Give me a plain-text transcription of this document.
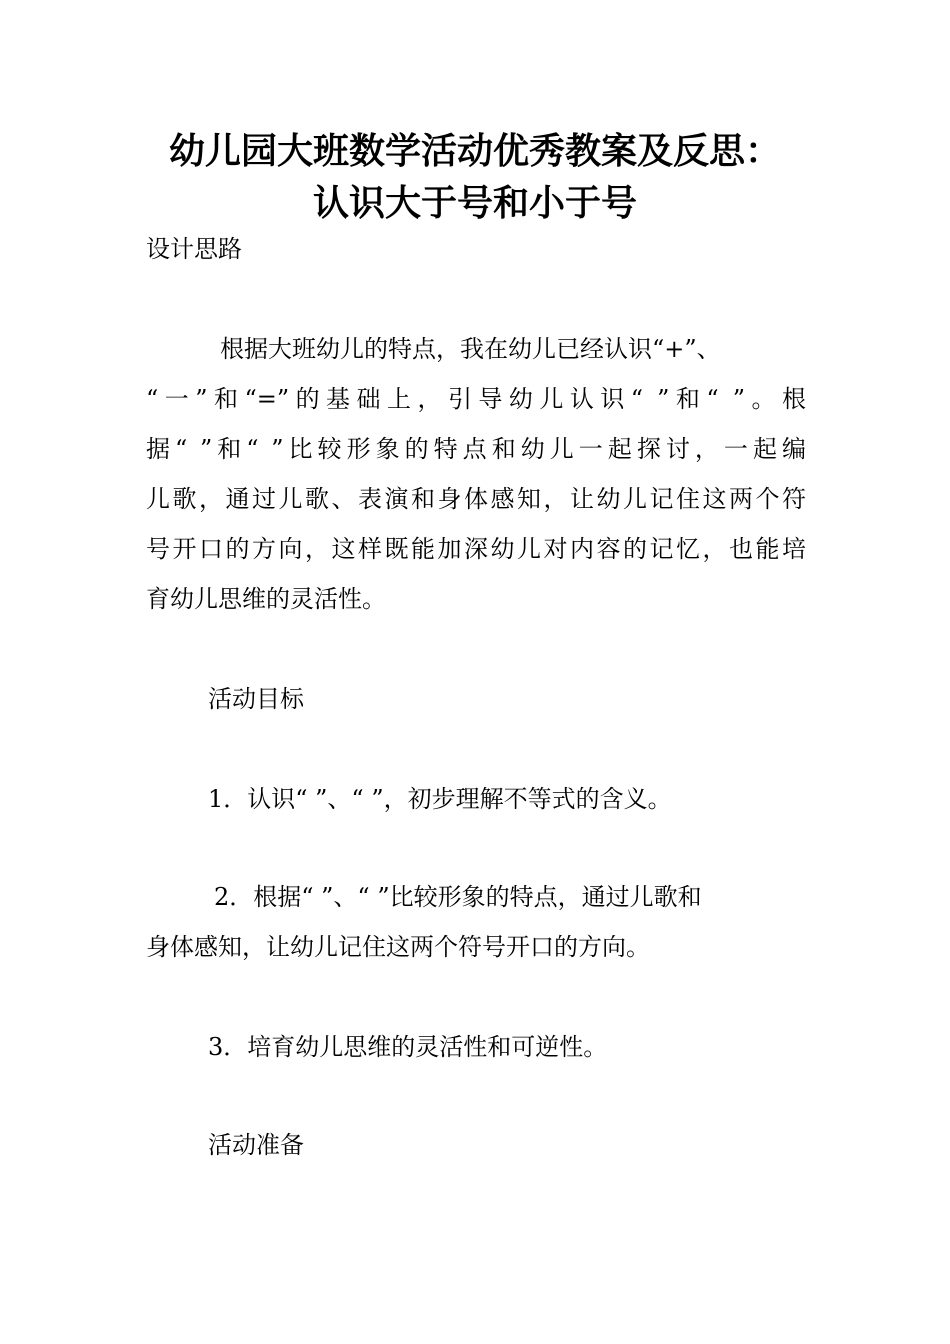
幼儿园大班数学活动优秀教案及反思：
认识大于号和小于号
设计思路
根据大班幼儿的特点，我在幼儿已经认识“+”、
“一”和“=”的基础上，引导幼儿认识“ ”和“ ”。根
据“ ”和“ ”比较形象的特点和幼儿一起探讨，一起编
儿歌，通过儿歌、表演和身体感知，让幼儿记住这两个符
号开口的方向，这样既能加深幼儿对内容的记忆，也能培
育幼儿思维的灵活性。
活动目标
1．认识“ ”、“ ”，初步理解不等式的含义。
2．根据“ ”、“ ”比较形象的特点，通过儿歌和
身体感知，让幼儿记住这两个符号开口的方向。
3．培育幼儿思维的灵活性和可逆性。
活动准备
